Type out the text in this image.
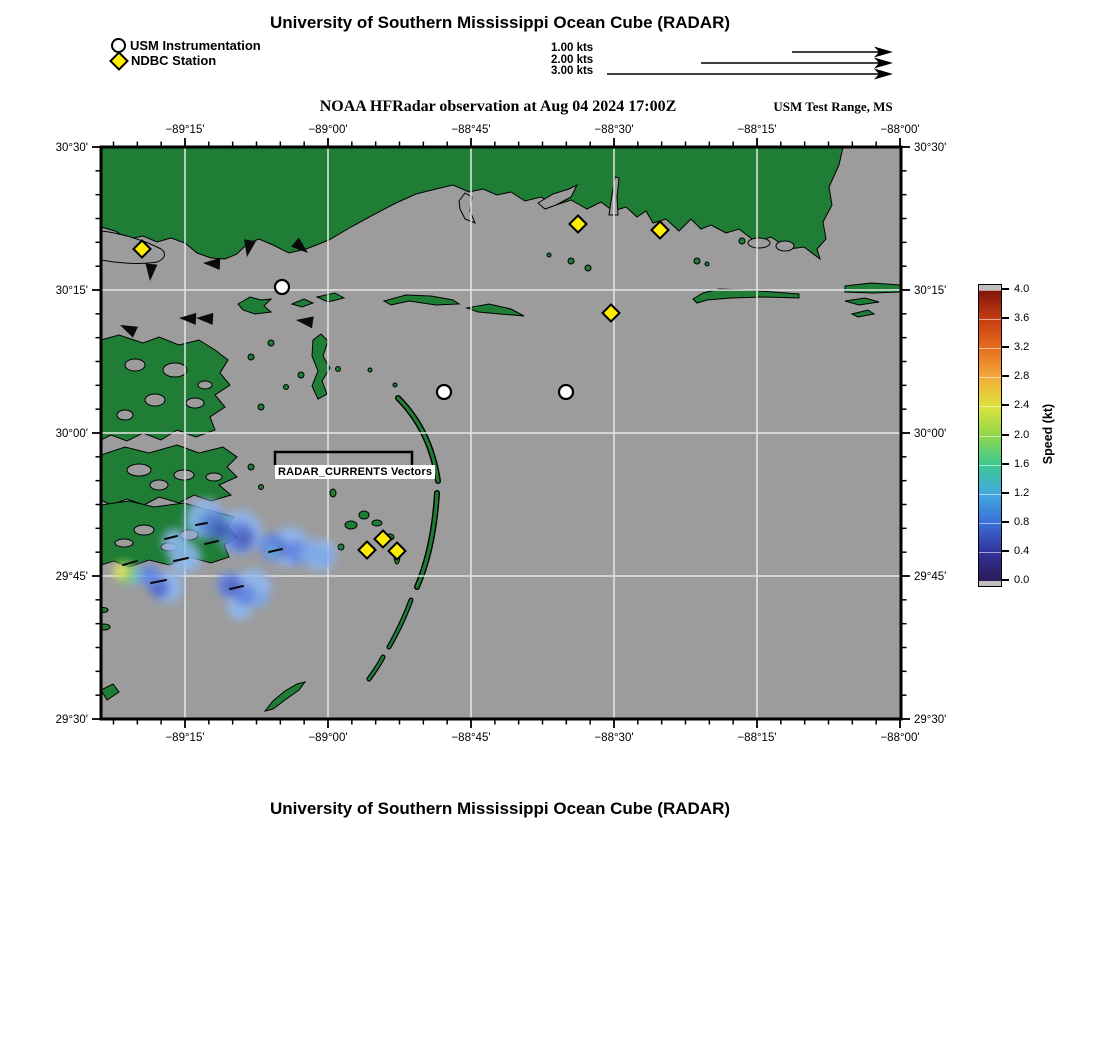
University of Southern Mississippi Ocean Cube (RADAR)
USM Instrumentation
NDBC Station
1.00 kts
2.00 kts
3.00 kts
NOAA HFRadar observation at Aug 04 2024 17:00Z	USM Test Range, MS
−89°15'
−89°15'
−89°00'
−89°00'
−88°45'
−88°45'
−88°30'
−88°30'
−88°15'
−88°15'
−88°00'
−88°00'
30°30'	30°30'
30°15'	30°15'
30°00'	30°00'
29°45'	29°45'
29°30'	29°30'
RADAR_CURRENTS Vectors
4.0
3.6
3.2
2.8
2.4
2.0
1.6
1.2
0.8
0.4
0.0
Speed (kt)
University of Southern Mississippi Ocean Cube (RADAR)
